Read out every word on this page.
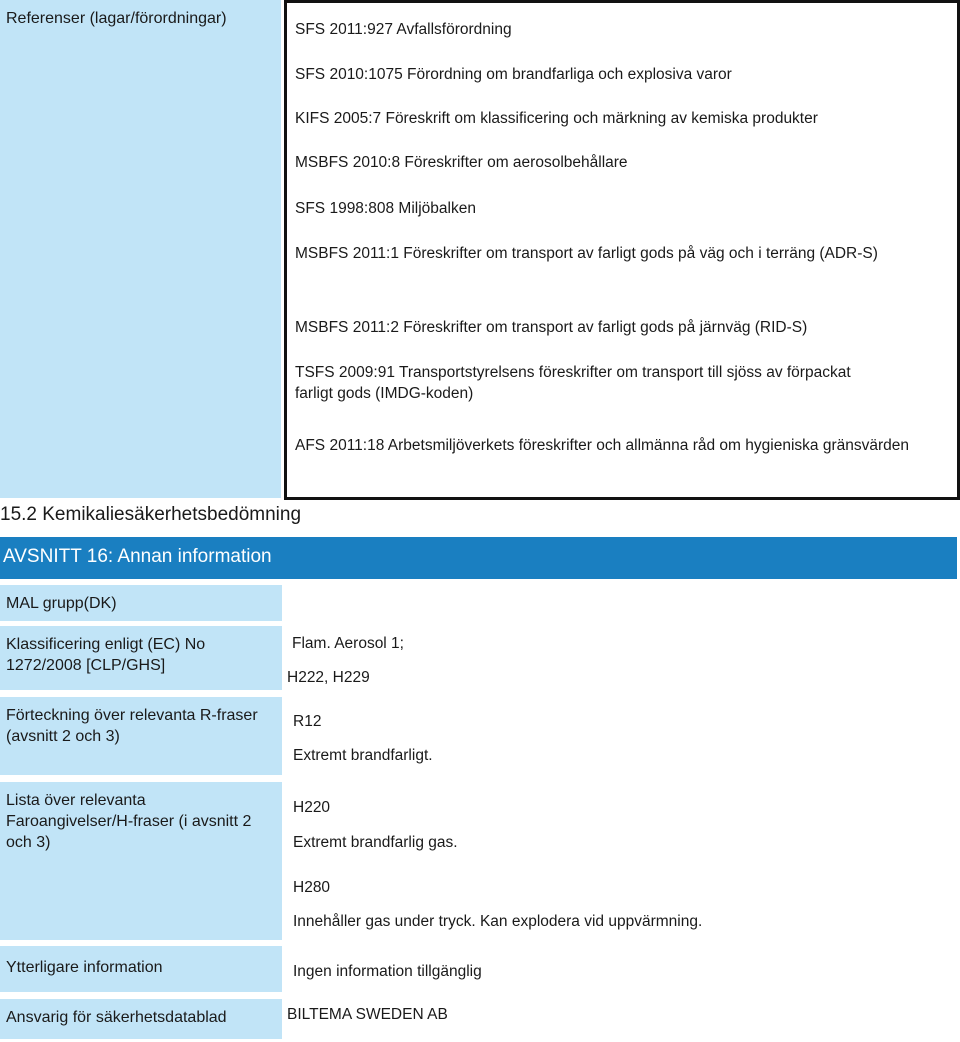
Referenser (lagar/förordningar)
SFS 2011:927 Avfallsförordning
SFS 2010:1075 Förordning om brandfarliga och explosiva varor
KIFS 2005:7 Föreskrift om klassificering och märkning av kemiska produkter
MSBFS 2010:8 Föreskrifter om aerosolbehållare
SFS 1998:808 Miljöbalken
MSBFS 2011:1 Föreskrifter om transport av farligt gods på väg och i terräng (ADR-S)
MSBFS 2011:2 Föreskrifter om transport av farligt gods på järnväg (RID-S)
TSFS 2009:91 Transportstyrelsens föreskrifter om transport till sjöss av förpackat farligt gods (IMDG-koden)
AFS 2011:18 Arbetsmiljöverkets föreskrifter och allmänna råd om hygieniska gränsvärden
15.2 Kemikaliesäkerhetsbedömning
AVSNITT 16: Annan information
MAL grupp(DK)
Klassificering enligt (EC) No 1272/2008 [CLP/GHS]
Flam. Aerosol 1;
H222, H229
Förteckning över relevanta R-fraser (avsnitt 2 och 3)
R12
Extremt brandfarligt.
Lista över relevanta Faroangivelser/H-fraser (i avsnitt 2 och 3)
H220
Extremt brandfarlig gas.
H280
Innehåller gas under tryck. Kan explodera vid uppvärmning.
Ytterligare information	Ingen information tillgänglig
Ansvarig för säkerhetsdatablad	BILTEMA SWEDEN AB
